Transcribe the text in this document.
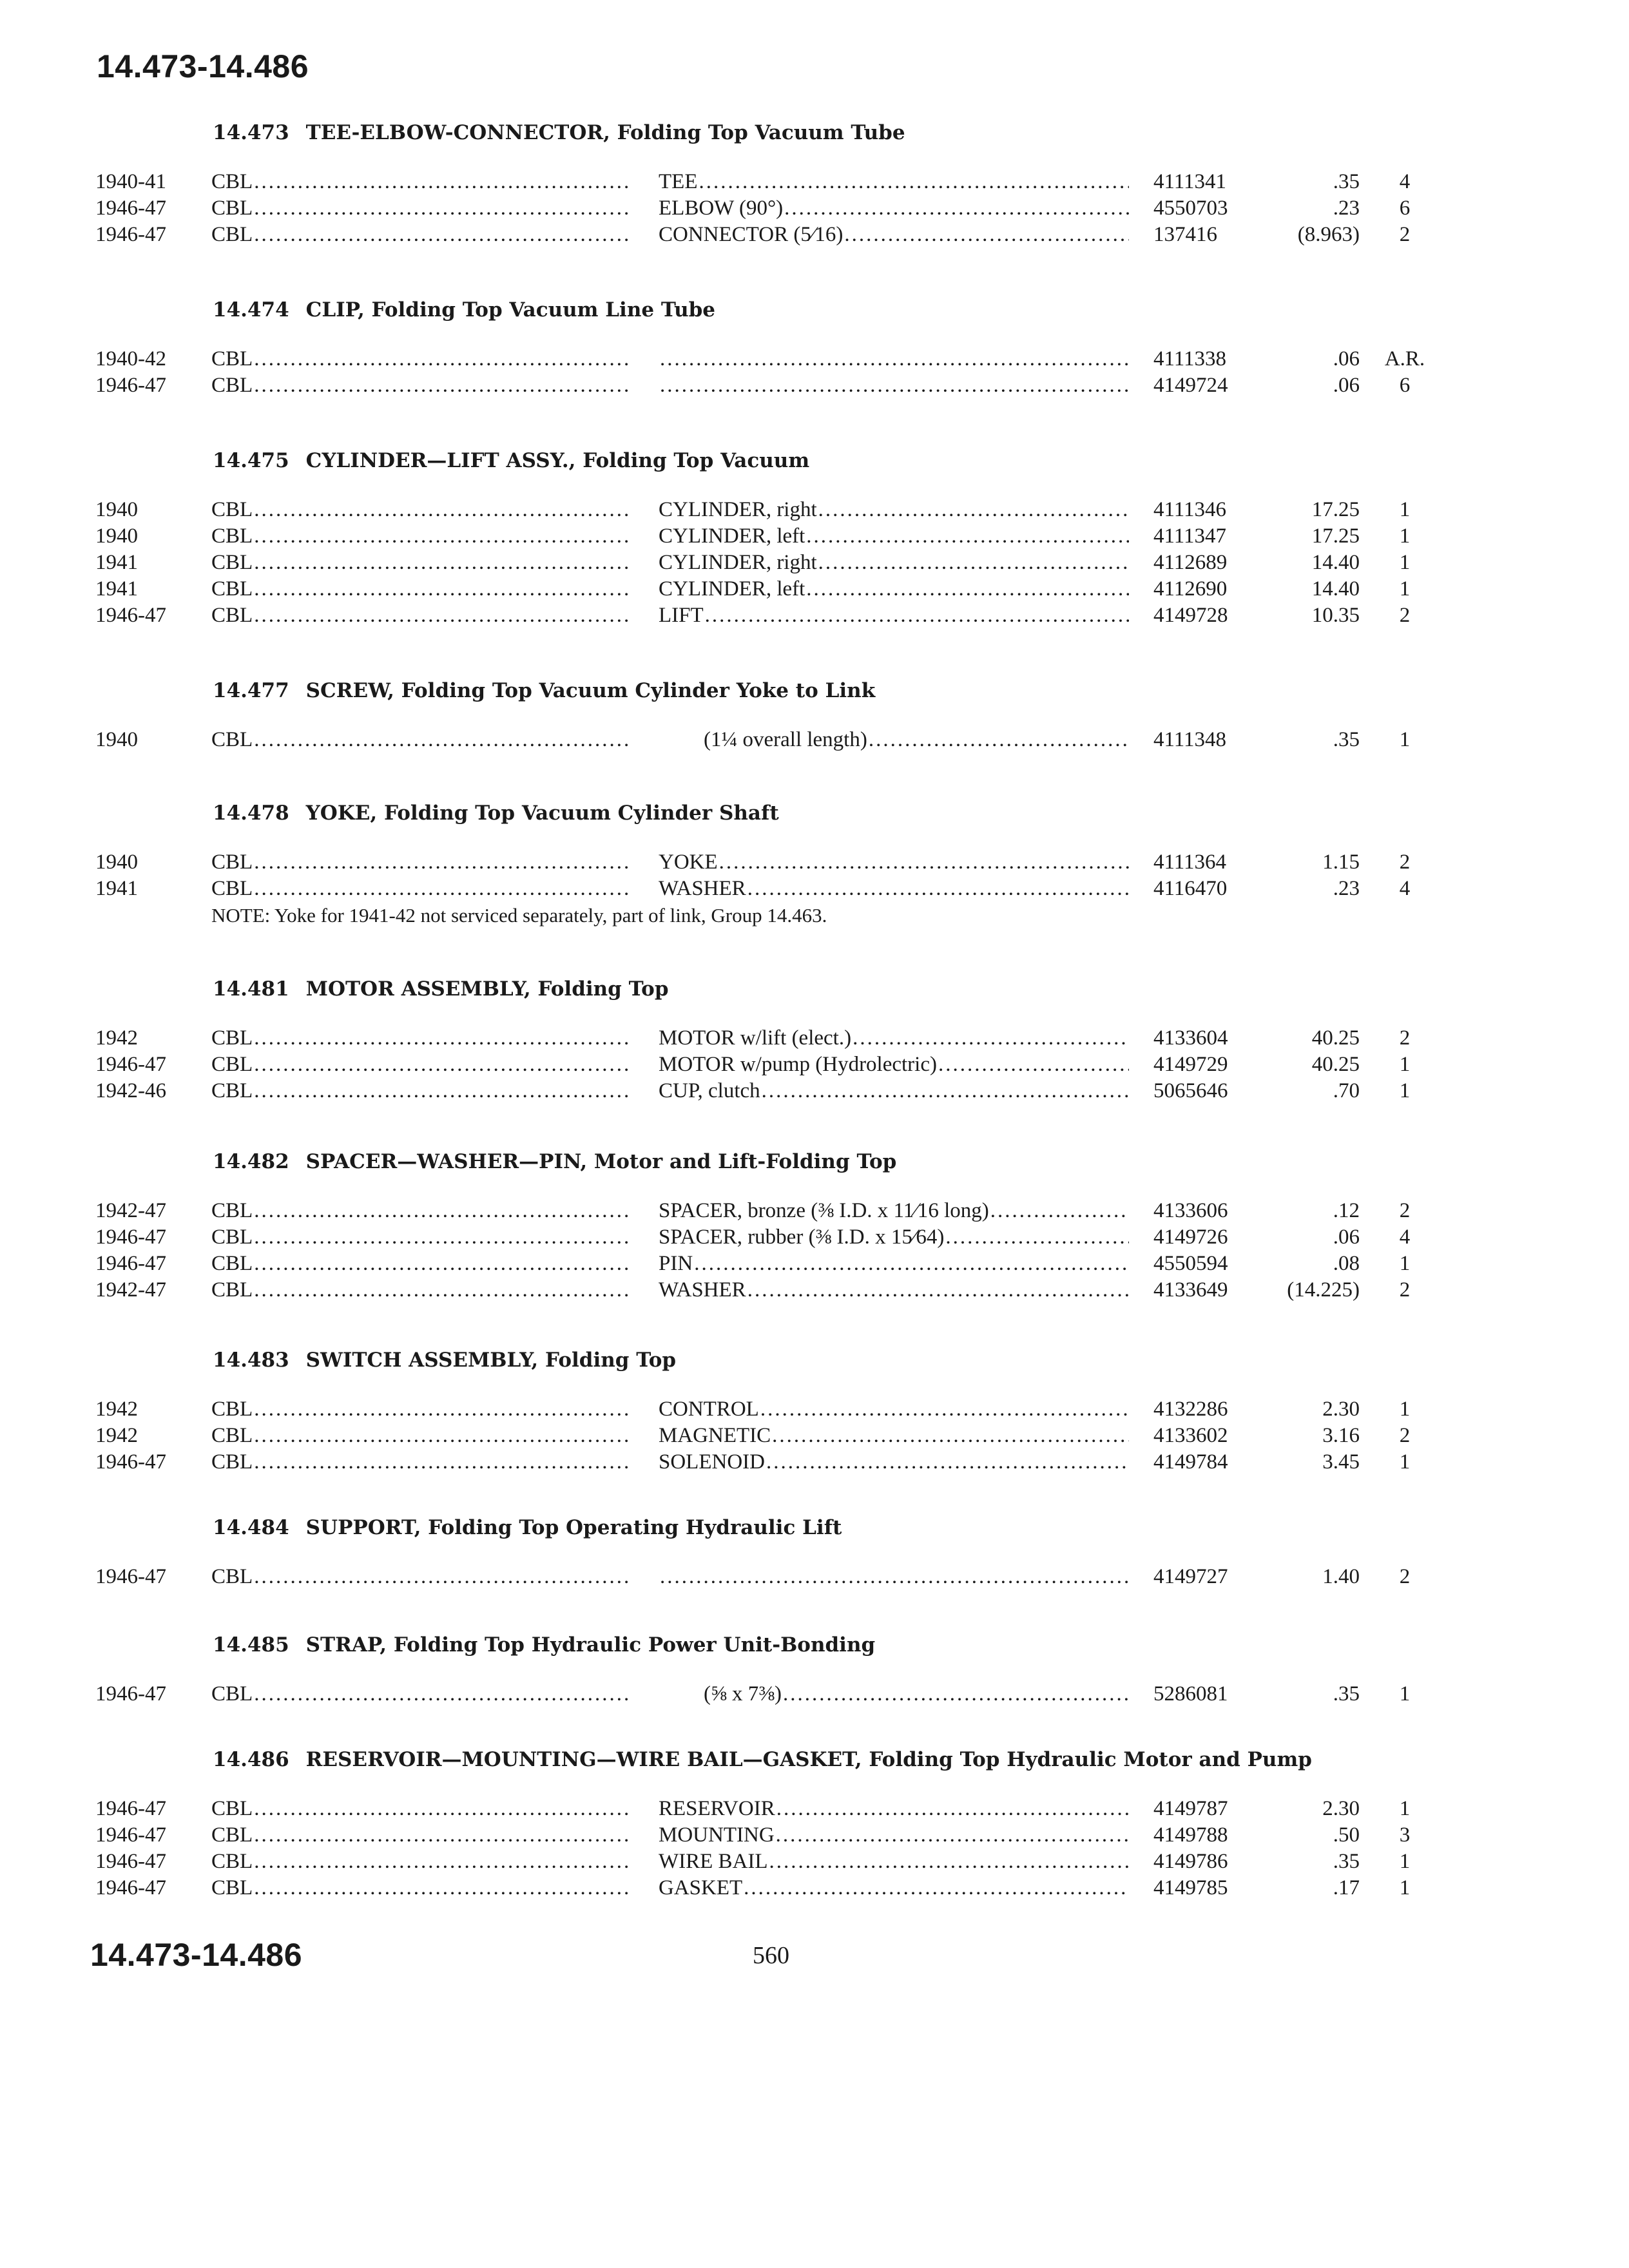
14.473-14.486
14.473 TEE-ELBOW-CONNECTOR, Folding Top Vacuum Tube
1940-41 CBL .....	TEE .....	4111341	.35	4
1946-47 CBL .....	ELBOW (90°) .....	4550703	.23	6
1946-47 CBL .....	CONNECTOR (5⁄16) .....	137416	(8.963)	2
14.474 CLIP, Folding Top Vacuum Line Tube
1940-42 CBL ..... .....	4111338	.06	A.R.
1946-47 CBL ..... .....	4149724	.06	6
14.475 CYLINDER—LIFT ASSY., Folding Top Vacuum
1940	CBL .....	CYLINDER, right .....	4111346	17.25	1
1940	CBL .....	CYLINDER, left .....	4111347	17.25	1
1941	CBL .....	CYLINDER, right .....	4112689	14.40	1
1941	CBL .....	CYLINDER, left .....	4112690	14.40	1
1946-47 CBL .....	LIFT .....	4149728	10.35	2
14.477 SCREW, Folding Top Vacuum Cylinder Yoke to Link
1940	CBL .....	(1¼ overall length) .....	4111348	.35	1
14.478 YOKE, Folding Top Vacuum Cylinder Shaft
1940	CBL .....	YOKE .....	4111364	1.15	2
1941	CBL .....	WASHER .....	4116470	.23	4
NOTE: Yoke for 1941-42 not serviced separately, part of link, Group 14.463.
14.481 MOTOR ASSEMBLY, Folding Top
1942	CBL .....	MOTOR w/lift (elect.) .....	4133604	40.25	2
1946-47 CBL .....	MOTOR w/pump (Hydrolectric) .....	4149729	40.25	1
1942-46 CBL .....	CUP, clutch .....	5065646	.70	1
14.482 SPACER—WASHER—PIN, Motor and Lift-Folding Top
1942-47 CBL .....	SPACER, bronze (⅜ I.D. x 11⁄16 long) .....	4133606	.12	2
1946-47 CBL .....	SPACER, rubber (⅜ I.D. x 15⁄64) .....	4149726	.06	4
1946-47 CBL .....	PIN .....	4550594	.08	1
1942-47 CBL .....	WASHER .....	4133649	(14.225)	2
14.483 SWITCH ASSEMBLY, Folding Top
1942	CBL .....	CONTROL .....	4132286	2.30	1
1942	CBL .....	MAGNETIC .....	4133602	3.16	2
1946-47 CBL .....	SOLENOID .....	4149784	3.45	1
14.484 SUPPORT, Folding Top Operating Hydraulic Lift
1946-47 CBL ..... .....	4149727	1.40	2
14.485 STRAP, Folding Top Hydraulic Power Unit-Bonding
1946-47 CBL .....	(⅝ x 7⅜) .....	5286081	.35	1
14.486 RESERVOIR—MOUNTING—WIRE BAIL—GASKET, Folding Top Hydraulic Motor and Pump
1946-47 CBL .....	RESERVOIR .....	4149787	2.30	1
1946-47 CBL .....	MOUNTING .....	4149788	.50	3
1946-47 CBL .....	WIRE BAIL .....	4149786	.35	1
1946-47 CBL .....	GASKET .....	4149785	.17	1
14.473-14.486	560
